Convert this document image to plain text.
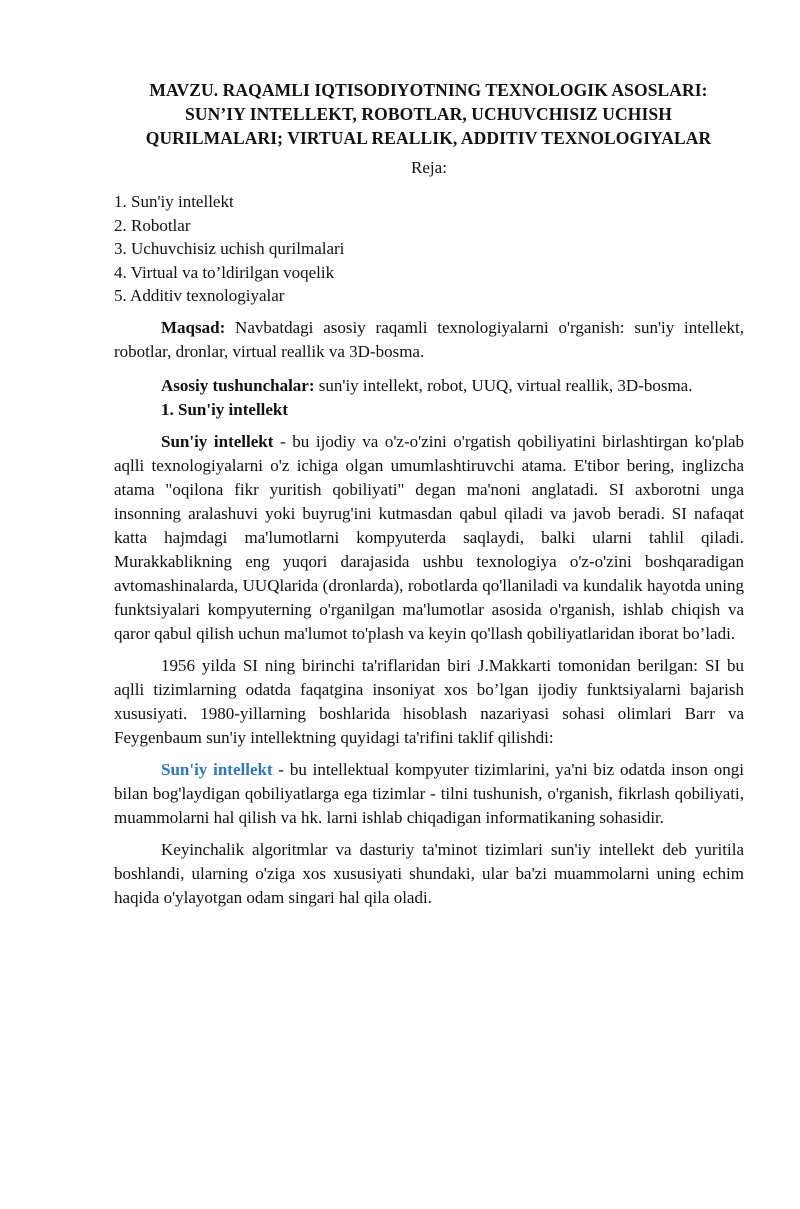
MAVZU. RAQAMLI IQTISODIYOTNING TEXNOLOGIK ASOSLARI:
SUN’IY INTELLEKT, ROBOTLAR, UCHUVCHISIZ UCHISH
QURILMALARI; VIRTUAL REALLIK, ADDITIV TEXNOLOGIYALAR
Reja:
1. Sun'iy intellekt
2. Robotlar
3. Uchuvchisiz uchish qurilmalari
4. Virtual va to’ldirilgan voqelik
5. Additiv texnologiyalar

Maqsad: Navbatdagi asosiy raqamli texnologiyalarni o'rganish: sun'iy intellekt, robotlar, dronlar, virtual reallik va 3D-bosma.

Asosiy tushunchalar: sun'iy intellekt, robot, UUQ, virtual reallik, 3D-bosma.

1. Sun'iy intellekt

Sun'iy intellekt - bu ijodiy va o'z-o'zini o'rgatish qobiliyatini birlashtirgan ko'plab aqlli texnologiyalarni o'z ichiga olgan umumlashtiruvchi atama. E'tibor bering, inglizcha atama "oqilona fikr yuritish qobiliyati" degan ma'noni anglatadi. SI axborotni unga insonning aralashuvi yoki buyrug'ini kutmasdan qabul qiladi va javob beradi. SI nafaqat katta hajmdagi ma'lumotlarni kompyuterda saqlaydi, balki ularni tahlil qiladi. Murakkablikning eng yuqori darajasida ushbu texnologiya o'z-o'zini boshqaradigan avtomashinalarda, UUQlarida (dronlarda), robotlarda qo'llaniladi va kundalik hayotda uning funktsiyalari kompyuterning o'rganilgan ma'lumotlar asosida o'rganish, ishlab chiqish va qaror qabul qilish uchun ma'lumot to'plash va keyin qo'llash qobiliyatlaridan iborat bo’ladi.

1956 yilda SI ning birinchi ta'riflaridan biri J.Makkarti tomonidan berilgan: SI bu aqlli tizimlarning odatda faqatgina insoniyat xos bo’lgan ijodiy funktsiyalarni bajarish xususiyati. 1980-yillarning boshlarida hisoblash nazariyasi sohasi olimlari Barr va Feygenbaum sun'iy intellektning quyidagi ta'rifini taklif qilishdi:

Sun'iy intellekt - bu intellektual kompyuter tizimlarini, ya'ni biz odatda inson ongi bilan bog'laydigan qobiliyatlarga ega tizimlar - tilni tushunish, o'rganish, fikrlash qobiliyati, muammolarni hal qilish va hk. larni ishlab chiqadigan informatikaning sohasidir.

Keyinchalik algoritmlar va dasturiy ta'minot tizimlari sun'iy intellekt deb yuritila boshlandi, ularning o'ziga xos xususiyati shundaki, ular ba'zi muammolarni uning echim haqida o'ylayotgan odam singari hal qila oladi.
